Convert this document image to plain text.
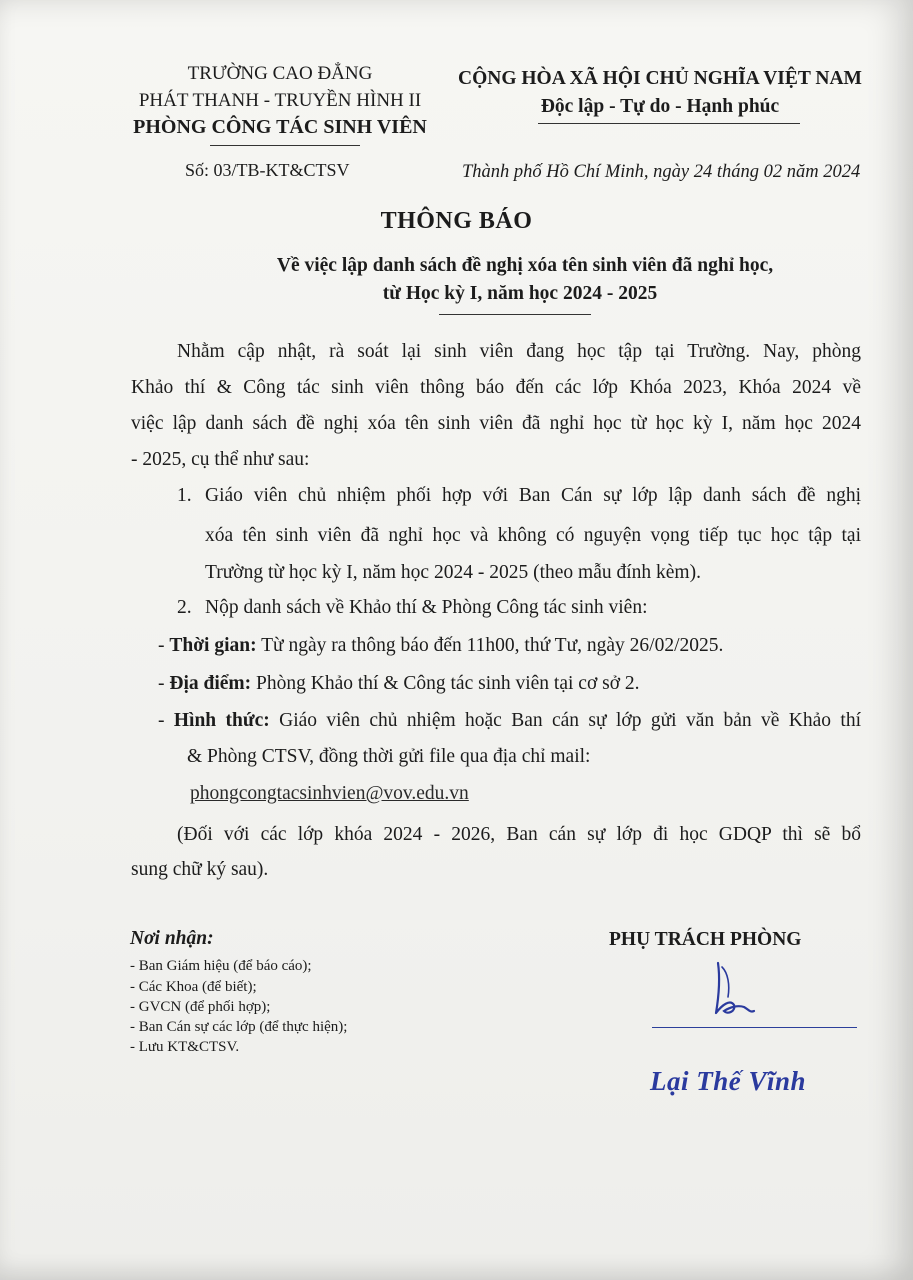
TRƯỜNG CAO ĐẲNG
PHÁT THANH - TRUYỀN HÌNH II
PHÒNG CÔNG TÁC SINH VIÊN
Số: 03/TB-KT&CTSV
CỘNG HÒA XÃ HỘI CHỦ NGHĨA VIỆT NAM
Độc lập - Tự do - Hạnh phúc
Thành phố Hồ Chí Minh, ngày 24 tháng 02 năm 2024
THÔNG BÁO
Về việc lập danh sách đề nghị xóa tên sinh viên đã nghỉ học,
từ Học kỳ I, năm học 2024 - 2025
Nhằm cập nhật, rà soát lại sinh viên đang học tập tại Trường. Nay, phòng
Khảo thí & Công tác sinh viên thông báo đến các lớp Khóa 2023, Khóa 2024 về
việc lập danh sách đề nghị xóa tên sinh viên đã nghỉ học từ học kỳ I, năm học 2024
- 2025, cụ thể như sau:
1. Giáo viên chủ nhiệm phối hợp với Ban Cán sự lớp lập danh sách đề nghị
xóa tên sinh viên đã nghỉ học và không có nguyện vọng tiếp tục học tập tại
Trường từ học kỳ I, năm học 2024 - 2025 (theo mẫu đính kèm).
2. Nộp danh sách về Khảo thí & Phòng Công tác sinh viên:
- Thời gian: Từ ngày ra thông báo đến 11h00, thứ Tư, ngày 26/02/2025.
- Địa điểm: Phòng Khảo thí & Công tác sinh viên tại cơ sở 2.
- Hình thức: Giáo viên chủ nhiệm hoặc Ban cán sự lớp gửi văn bản về Khảo thí
& Phòng CTSV, đồng thời gửi file qua địa chỉ mail:
phongcongtacsinhvien@vov.edu.vn
(Đối với các lớp khóa 2024 - 2026, Ban cán sự lớp đi học GDQP thì sẽ bổ
sung chữ ký sau).
Nơi nhận:
- Ban Giám hiệu (để báo cáo);
- Các Khoa (để biết);
- GVCN (để phối hợp);
- Ban Cán sự các lớp (để thực hiện);
- Lưu KT&CTSV.
PHỤ TRÁCH PHÒNG
Lại Thế Vĩnh
